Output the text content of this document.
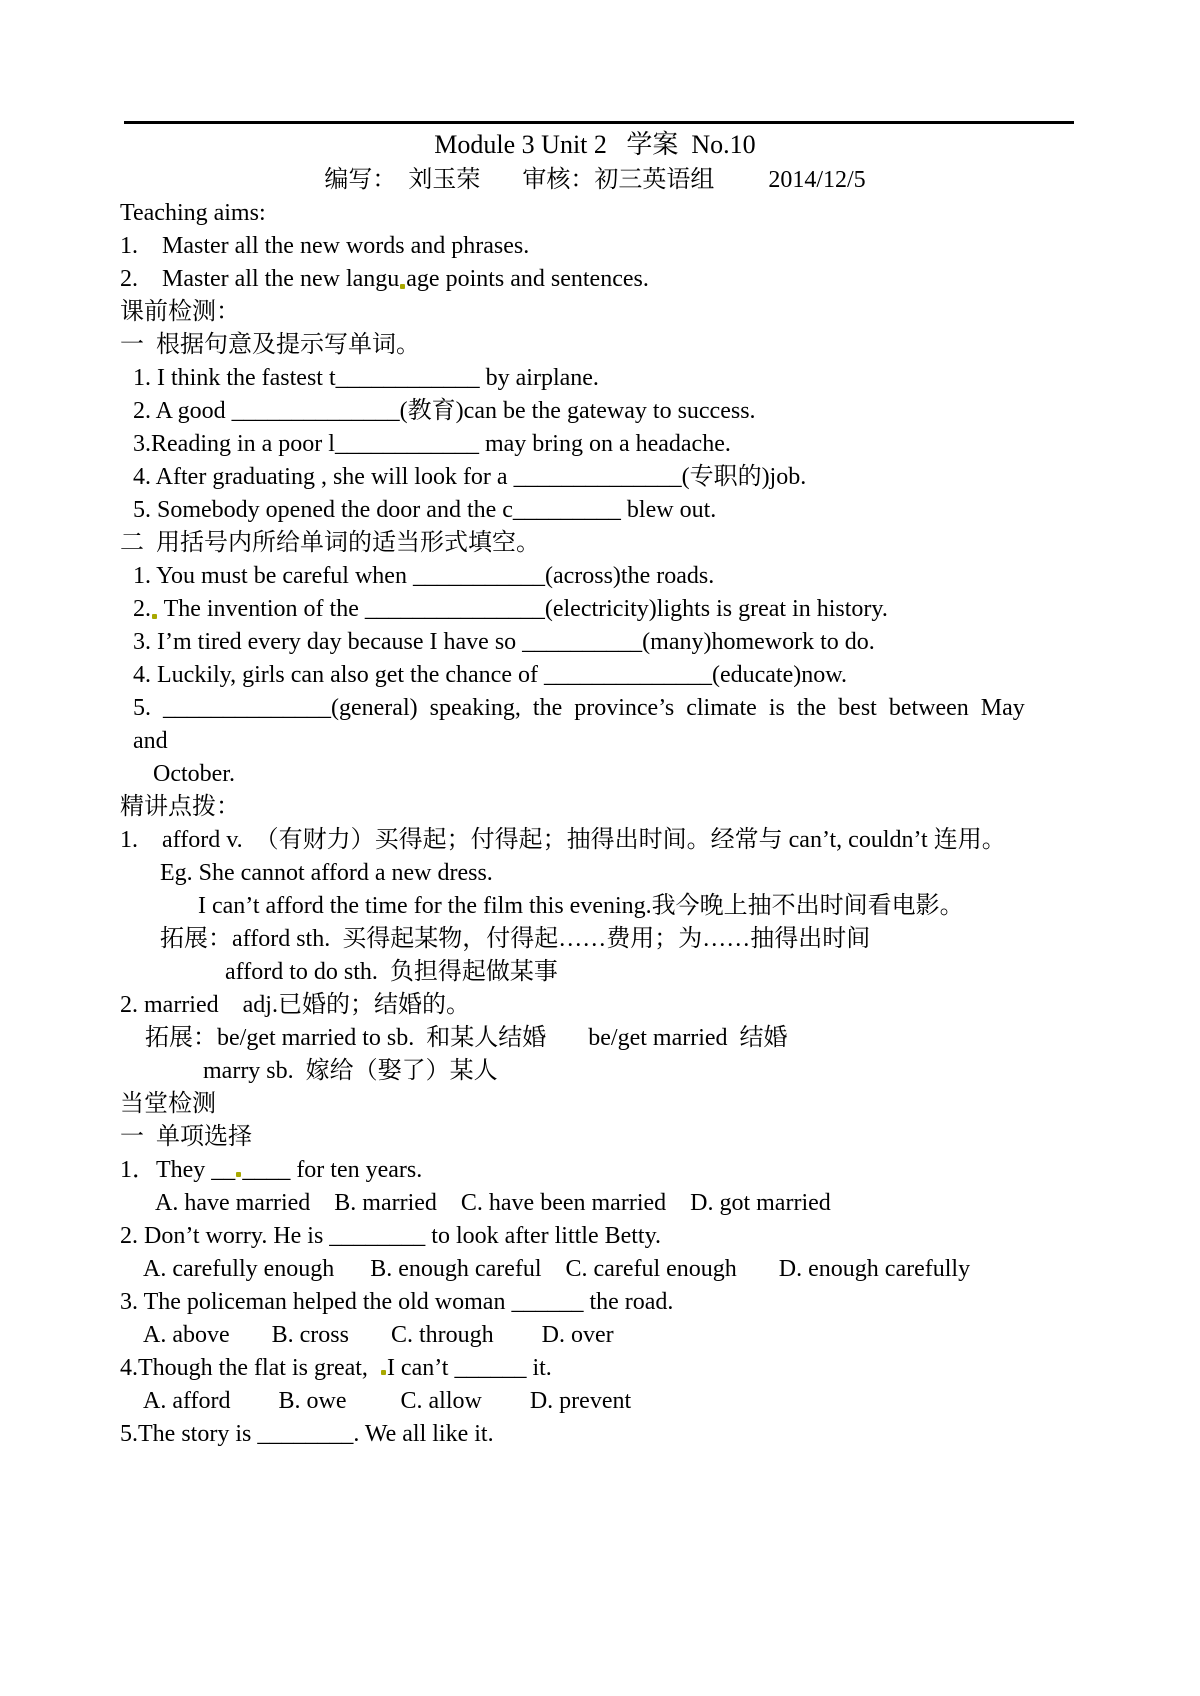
Module 3 Unit 2   学案  No.10
编写：  刘玉荣       审核：初三英语组         2014/12/5
Teaching aims:
1.    Master all the new words and phrases.
2.    Master all the new langu age points and sentences.
课前检测：
一  根据句意及提示写单词。
1. I think the fastest t____________ by airplane.
2. A good ______________(教育)can be the gateway to success.
3.Reading in a poor l____________ may bring on a headache.
4. After graduating , she will look for a ______________(专职的)job.
5. Somebody opened the door and the c_________ blew out.
二  用括号内所给单词的适当形式填空。
1. You must be careful when ___________(across)the roads.
2. The invention of the _______________(electricity)lights is great in history.
3. I’m tired every day because I have so __________(many)homework to do.
4. Luckily, girls can also get the chance of ______________(educate)now.
5. ______________(general) speaking, the province’s climate is the best between May and
October.
精讲点拨：
1.    afford v.  （有财力）买得起；付得起；抽得出时间。经常与 can’t, couldn’t 连用。
Eg. She cannot afford a new dress.
I can’t afford the time for the film this evening.我今晚上抽不出时间看电影。
拓展：afford sth.  买得起某物，付得起……费用；为……抽得出时间
afford to do sth.  负担得起做某事
2. married    adj.已婚的；结婚的。
拓展：be/get married to sb.  和某人结婚       be/get married  结婚
marry sb.  嫁给（娶了）某人
当堂检测
一  单项选择
1．They __ ____ for ten years.
A. have married    B. married    C. have been married    D. got married
2. Don’t worry. He is ________ to look after little Betty.
A. carefully enough      B. enough careful    C. careful enough       D. enough carefully
3. The policeman helped the old woman ______ the road.
A. above       B. cross       C. through        D. over
4.Though the flat is great,  I can’t ______ it.
A. afford        B. owe         C. allow        D. prevent
5.The story is ________. We all like it.
